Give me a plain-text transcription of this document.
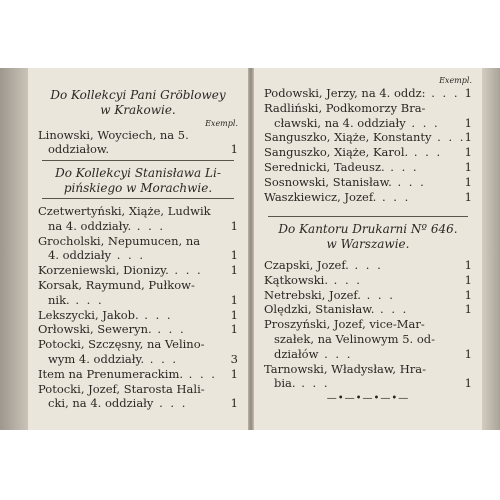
Do Kollekcyi Pani Gröblowey
w Krakowie.
Exempl.
Linowski, Woyciech, na 5.
oddziałow.	1
Do Kollekcyi Stanisława Li-
pińskiego w Morachwie.
Czetwertyński, Xiąże, Ludwik
na 4. oddziały. . . .	1
Grocholski, Nepumucen, na
4. oddziały . . .	1
Korzeniewski, Dionizy. . . . 1
Korsak, Raymund, Pułkow-
nik. . . .	1
Lekszycki, Jakob. . . .	1
Orłowski, Seweryn. . . .	1
Potocki, Szczęsny, na Velino-
wym 4. oddziały. . . .	3
Item na Prenumerackim. . . . 1
Potocki, Jozef, Starosta Hali-
cki, na 4. oddziały . . .	1
Exempl.
Podowski, Jerzy, na 4. oddz: . . . 1
Radliński, Podkomorzy Bra-
cławski, na 4. oddziały . . . 1
Sanguszko, Xiąże, Konstanty . . . 1
Sanguszko, Xiąże, Karol. . . . 1
Serednicki, Tadeusz. . . .	1
Sosnowski, Stanisław. . . .	1
Waszkiewicz, Jozef. . . .	1
Do Kantoru Drukarni Nº 646.
w Warszawie.
Czapski, Jozef. . . .	1
Kątkowski. . . .	1
Netrebski, Jozef. . . .	1
Olędzki, Stanisław. . . .	1
Proszyński, Jozef, vice-Mar-
szałek, na Velinowym 5. od-
działów . . .	1
Tarnowski, Władysław, Hra-
bia. . . .	1
—•—•—•—•—
